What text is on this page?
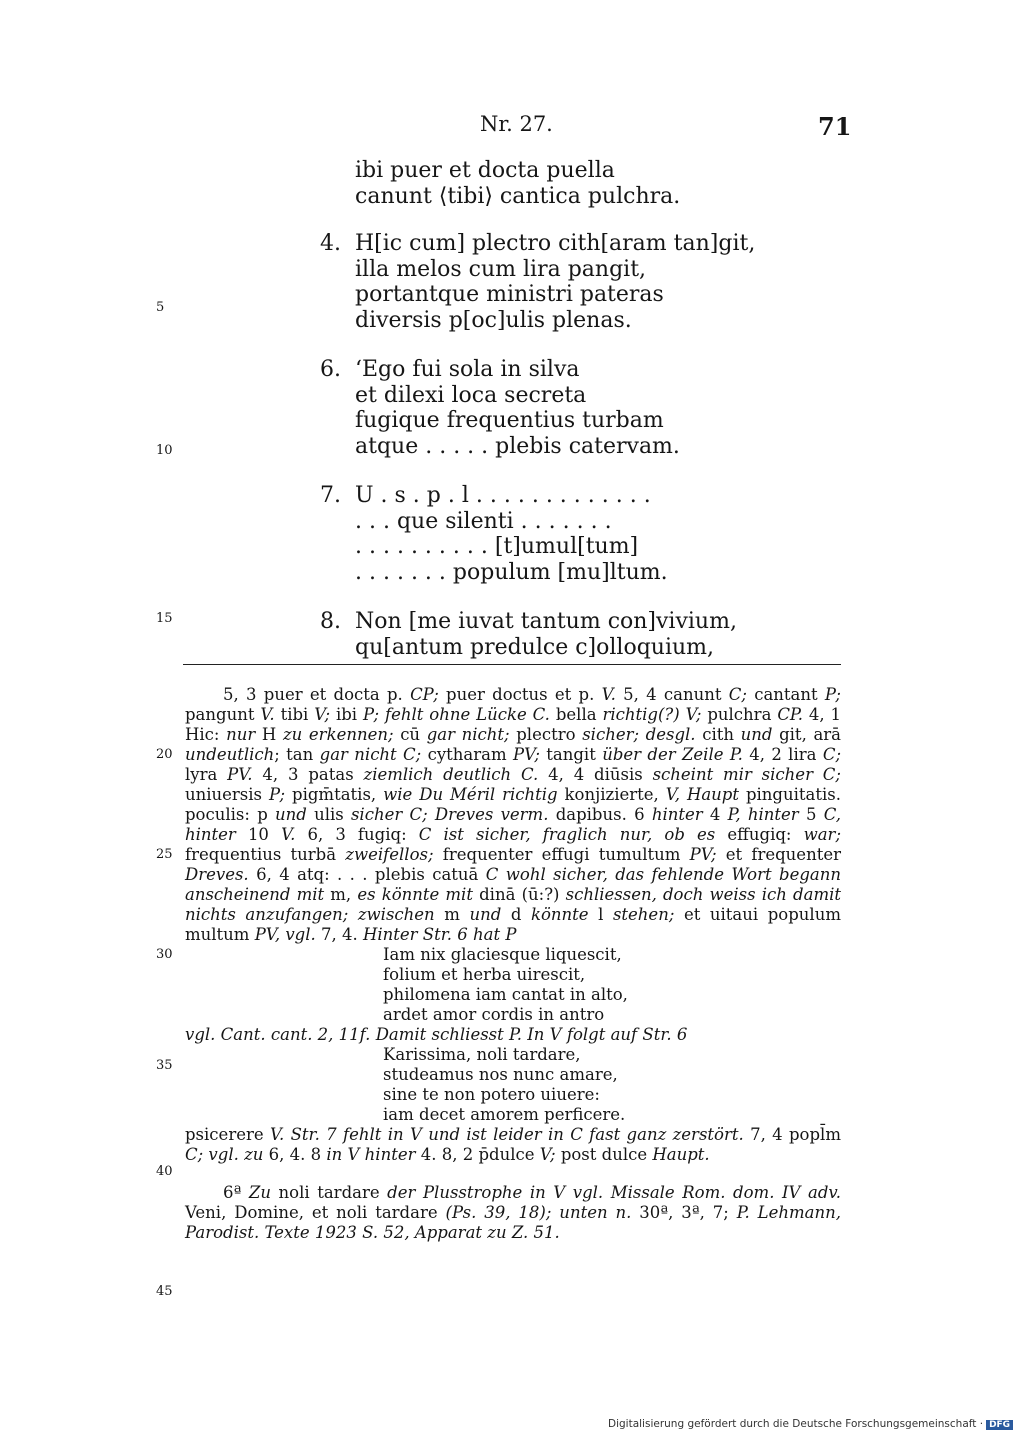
Nr. 27.	71
ibi puer et docta puella
canunt ⟨tibi⟩ cantica pulchra.
4. H[ic cum] plectro cith[aram tan]git,
illa melos cum lira pangit,
portantque ministri pateras
diversis p[oc]ulis plenas.
6. ‘Ego fui sola in silva
et dilexi loca secreta
fugique frequentius turbam
atque . . . . . plebis catervam.
7. U . s . p . l . . . . . . . . . . . . .
. . . que silenti . . . . . . .
. . . . . . . . . . [t]umul[tum]
. . . . . . . populum [mu]ltum.
8. Non [me iuvat tantum con]vivium,
qu[antum predulce c]olloquium,
5
10
15

5, 3 puer et docta p. CP; puer doctus et p. V. 5, 4 canunt C; cantant P; pangunt V. tibi V; ibi P; fehlt ohne Lücke C. bella richtig(?) V; pulchra CP. 4, 1 Hic: nur H zu erkennen; cū gar nicht; plectro sicher; desgl. cith und git, arā undeutlich; tan gar nicht C; cytharam PV; tangit über der Zeile P. 4, 2 lira C; lyra PV. 4, 3 patas ziemlich deutlich C. 4, 4 diūsis scheint mir sicher C; uniuersis P; pigm̄tatis, wie Du Méril richtig konjizierte, V, Haupt pinguitatis. poculis: p und ulis sicher C; Dreves verm. dapibus. 6 hinter 4 P, hinter 5 C, hinter 10 V. 6, 3 fugiq: C ist sicher, fraglich nur, ob es effugiq: war; frequentius turbā zweifellos; frequenter effugi tumultum PV; et frequenter Dreves. 6, 4 atq: . . . plebis catuā C wohl sicher, das fehlende Wort begann anscheinend mit m, es könnte mit dinā (ū:?) schliessen, doch weiss ich damit nichts anzufangen; zwischen m und d könnte l stehen; et uitaui populum multum PV, vgl. 7, 4. Hinter Str. 6 hat P

Iam nix glaciesque liquescit,
folium et herba uirescit,
philomena iam cantat in alto,
ardet amor cordis in antro

vgl. Cant. cant. 2, 11f. Damit schliesst P. In V folgt auf Str. 6

Karissima, noli tardare,
studeamus nos nunc amare,
sine te non potero uiuere:
iam decet amorem perficere.

psicerere V. Str. 7 fehlt in V und ist leider in C fast ganz zerstört. 7, 4 popl̄m C; vgl. zu 6, 4. 8 in V hinter 4. 8, 2 p̄dulce V; post dulce Haupt.

6ª Zu noli tardare der Plusstrophe in V vgl. Missale Rom. dom. IV adv. Veni, Domine, et noli tardare (Ps. 39, 18); unten n. 30ª, 3ª, 7; P. Lehmann, Parodist. Texte 1923 S. 52, Apparat zu Z. 51.

20
25
30
35
40
45
Digitalisierung gefördert durch die Deutsche Forschungsgemeinschaft · DFG
